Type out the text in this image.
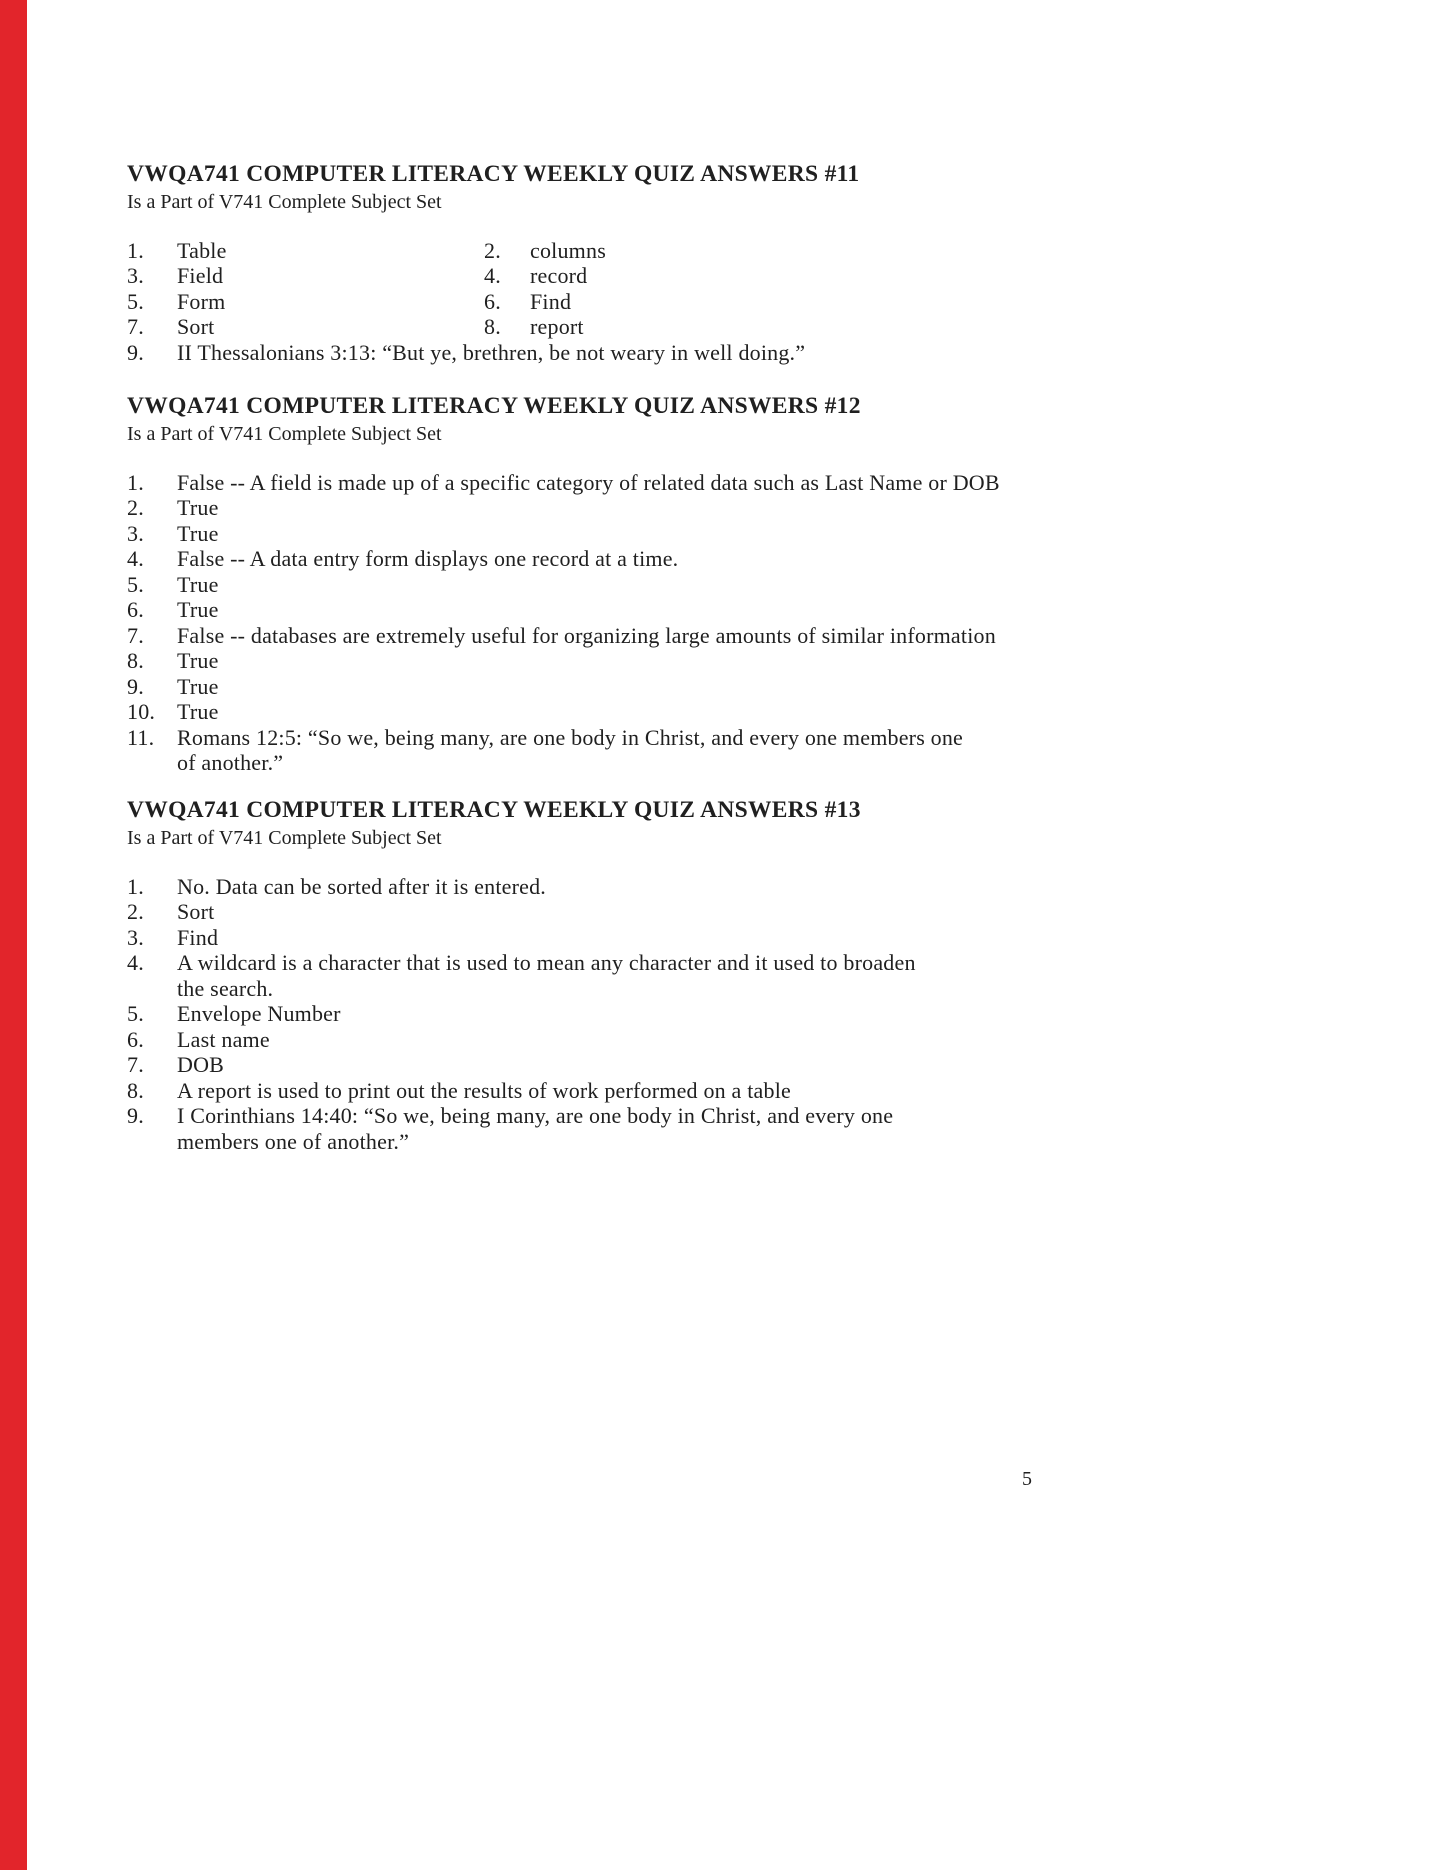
VWQA741 COMPUTER LITERACY WEEKLY QUIZ ANSWERS #11
Is a Part of V741 Complete Subject Set
1.	Table	2.	columns
3.	Field	4.	record
5.	Form	6.	Find
7.	Sort	8.	report
9.	II Thessalonians 3:13: “But ye, brethren, be not weary in well doing.”
VWQA741 COMPUTER LITERACY WEEKLY QUIZ ANSWERS #12
Is a Part of V741 Complete Subject Set
1.	False -- A field is made up of a specific category of related data such as Last Name or DOB
2.	True
3.	True
4.	False -- A data entry form displays one record at a time.
5.	True
6.	True
7.	False -- databases are extremely useful for organizing large amounts of similar information
8.	True
9.	True
10. True
11.	Romans 12:5: “So we, being many, are one body in Christ, and every one members one
of another.”
VWQA741 COMPUTER LITERACY WEEKLY QUIZ ANSWERS #13
Is a Part of V741 Complete Subject Set
1.	No. Data can be sorted after it is entered.
2.	Sort
3.	Find
4.	A wildcard is a character that is used to mean any character and it used to broaden
the search.
5.	Envelope Number
6.	Last name
7.	DOB
8.	A report is used to print out the results of work performed on a table
9.	I Corinthians 14:40: “So we, being many, are one body in Christ, and every one
members one of another.”
5
